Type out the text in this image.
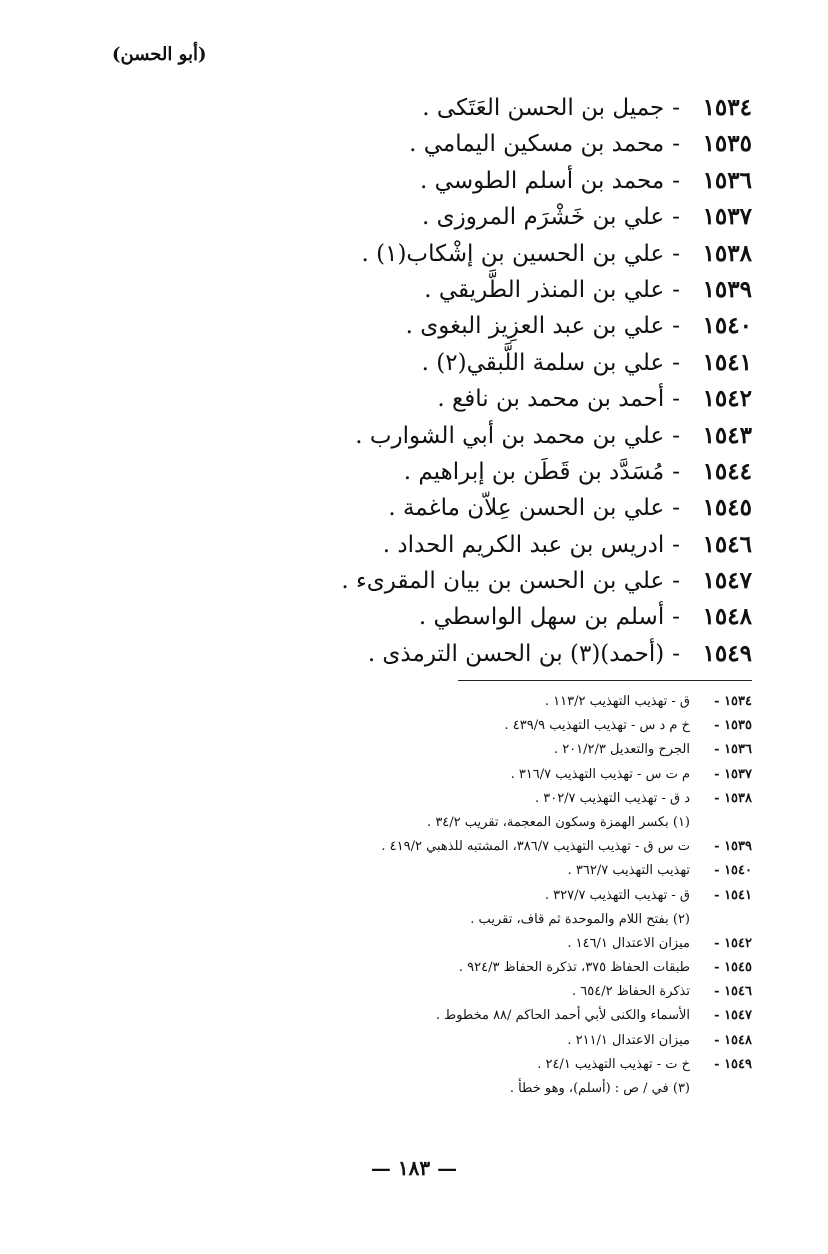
(أبو الحسن)
١٥٣٤-جميل بن الحسن العَتَكى .
١٥٣٥-محمد بن مسكين اليمامي .
١٥٣٦-محمد بن أسلم الطوسي .
١٥٣٧-علي بن خَشْرَم المروزى .
١٥٣٨-علي بن الحسين بن إشْكاب(١) .
١٥٣٩-علي بن المنذر الطَّريقي .
١٥٤٠-علي بن عبد العزِيز البغوى .
١٥٤١-علي بن سلمة اللَّبقي(٢) .
١٥٤٢-أحمد بن محمد بن نافع .
١٥٤٣-علي بن محمد بن أبي الشوارب .
١٥٤٤-مُسَدَّد بن قَطَن بن إبراهيم .
١٥٤٥-علي بن الحسن عِلاّن ماغمة .
١٥٤٦-ادريس بن عبد الكريم الحداد .
١٥٤٧-علي بن الحسن بن بيان المقرىء .
١٥٤٨-أسلم بن سهل الواسطي .
١٥٤٩-(أحمد)(٣) بن الحسن الترمذى .
١٥٣٤ -ق - تهذيب التهذيب ١١٣/٢ .
١٥٣٥ -خ م د س - تهذيب التهذيب ٤٣٩/٩ .
١٥٣٦ -الجرح والتعديل ٢٠١/٢/٣ .
١٥٣٧ -م ت س - تهذيب التهذيب ٣١٦/٧ .
١٥٣٨ -د ق - تهذيب التهذيب ٣٠٢/٧ .
(١) بكسر الهمزة وسكون المعجمة، تقريب ٣٤/٢ .
١٥٣٩ -ت س ق - تهذيب التهذيب ٣٨٦/٧، المشتبه للذهبي ٤١٩/٢ .
١٥٤٠ -تهذيب التهذيب ٣٦٢/٧ .
١٥٤١ -ق - تهذيب التهذيب ٣٢٧/٧ .
(٢) بفتح اللام والموحدة ثم قاف، تقريب .
١٥٤٢ -ميزان الاعتدال ١٤٦/١ .
١٥٤٥ -طبقات الحفاظ ٣٧٥، تذكرة الحفاظ ٩٢٤/٣ .
١٥٤٦ -تذكرة الحفاظ ٦٥٤/٢ .
١٥٤٧ -الأسماء والكنى لأبي أحمد الحاكم /٨٨ مخطوط .
١٥٤٨ -ميزان الاعتدال ٢١١/١ .
١٥٤٩ -خ ت - تهذيب التهذيب ٢٤/١ .
(٣) في / ص : (أسلم)، وهو خطأ .
— ١٨٣ —
